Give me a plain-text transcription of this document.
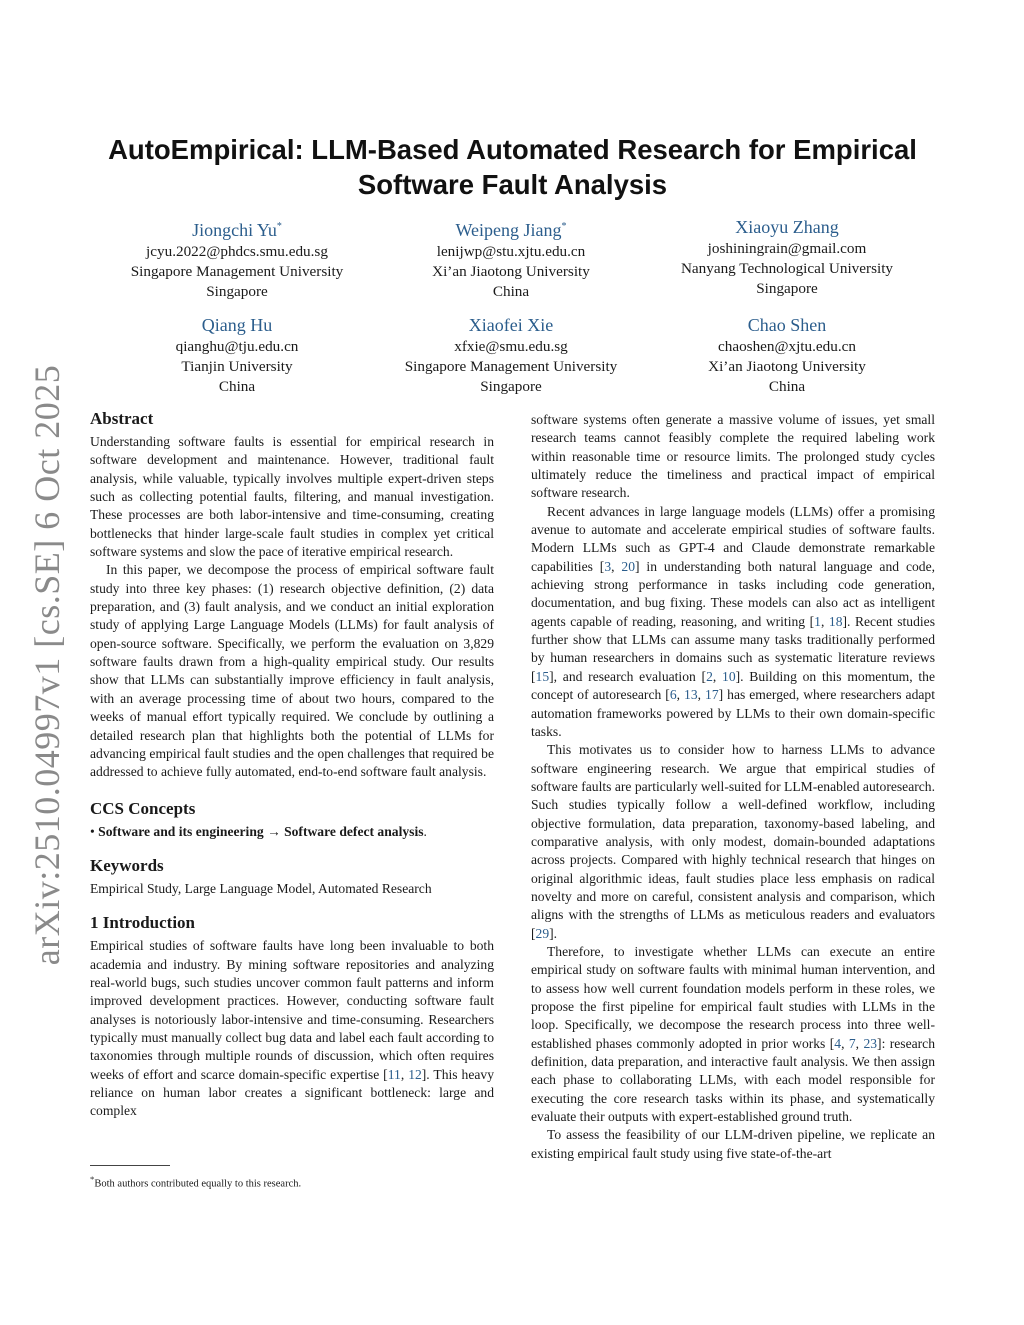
arXiv:2510.04997v1 [cs.SE] 6 Oct 2025
AutoEmpirical: LLM-Based Automated Research for Empirical
Software Fault Analysis
Jiongchi Yu*
jcyu.2022@phdcs.smu.edu.sg
Singapore Management University
Singapore
Weipeng Jiang*
lenijwp@stu.xjtu.edu.cn
Xi’an Jiaotong University
China
Xiaoyu Zhang
joshiningrain@gmail.com
Nanyang Technological University
Singapore
Qiang Hu
qianghu@tju.edu.cn
Tianjin University
China
Xiaofei Xie
xfxie@smu.edu.sg
Singapore Management University
Singapore
Chao Shen
chaoshen@xjtu.edu.cn
Xi’an Jiaotong University
China
Abstract

Understanding software faults is essential for empirical research in software development and maintenance. However, traditional fault analysis, while valuable, typically involves multiple expert-driven steps such as collecting potential faults, filtering, and manual investigation. These processes are both labor-intensive and time-consuming, creating bottlenecks that hinder large-scale fault studies in complex yet critical software systems and slow the pace of iterative empirical research.

In this paper, we decompose the process of empirical software fault study into three key phases: (1) research objective definition, (2) data preparation, and (3) fault analysis, and we conduct an initial exploration study of applying Large Language Models (LLMs) for fault analysis of open-source software. Specifically, we perform the evaluation on 3,829 software faults drawn from a high-quality empirical study. Our results show that LLMs can substantially improve efficiency in fault analysis, with an average processing time of about two hours, compared to the weeks of manual effort typically required. We conclude by outlining a detailed research plan that highlights both the potential of LLMs for advancing empirical fault studies and the open challenges that required be addressed to achieve fully automated, end-to-end software fault analysis.

CCS Concepts

• Software and its engineering → Software defect analysis.

Keywords

Empirical Study, Large Language Model, Automated Research

1 Introduction

Empirical studies of software faults have long been invaluable to both academia and industry. By mining software repositories and analyzing real-world bugs, such studies uncover common fault patterns and inform improved development practices. However, conducting software fault analyses is notoriously labor-intensive and time-consuming. Researchers typically must manually collect bug data and label each fault according to taxonomies through multiple rounds of discussion, which often requires weeks of effort and scarce domain-specific expertise [11, 12]. This heavy reliance on human labor creates a significant bottleneck: large and complex

software systems often generate a massive volume of issues, yet small research teams cannot feasibly complete the required labeling work within reasonable time or resource limits. The prolonged study cycles ultimately reduce the timeliness and practical impact of empirical software research.

Recent advances in large language models (LLMs) offer a promising avenue to automate and accelerate empirical studies of software faults. Modern LLMs such as GPT-4 and Claude demonstrate remarkable capabilities [3, 20] in understanding both natural language and code, achieving strong performance in tasks including code generation, documentation, and bug fixing. These models can also act as intelligent agents capable of reading, reasoning, and writing [1, 18]. Recent studies further show that LLMs can assume many tasks traditionally performed by human researchers in domains such as systematic literature reviews [15], and research evaluation [2, 10]. Building on this momentum, the concept of autoresearch [6, 13, 17] has emerged, where researchers adapt automation frameworks powered by LLMs to their own domain-specific tasks.

This motivates us to consider how to harness LLMs to advance software engineering research. We argue that empirical studies of software faults are particularly well-suited for LLM-enabled autoresearch. Such studies typically follow a well-defined workflow, including objective formulation, data preparation, taxonomy-based labeling, and comparative analysis, with only modest, domain-bounded adaptations across projects. Compared with highly technical research that hinges on original algorithmic ideas, fault studies place less emphasis on radical novelty and more on careful, consistent analysis and comparison, which aligns with the strengths of LLMs as meticulous readers and evaluators [29].

Therefore, to investigate whether LLMs can execute an entire empirical study on software faults with minimal human intervention, and to assess how well current foundation models perform in these roles, we propose the first pipeline for empirical fault studies with LLMs in the loop. Specifically, we decompose the research process into three well-established phases commonly adopted in prior works [4, 7, 23]: research definition, data preparation, and interactive fault analysis. We then assign each phase to collaborating LLMs, with each model responsible for executing the core research tasks within its phase, and systematically evaluate their outputs with expert-established ground truth.

To assess the feasibility of our LLM-driven pipeline, we replicate an existing empirical fault study using five state-of-the-art

*Both authors contributed equally to this research.
